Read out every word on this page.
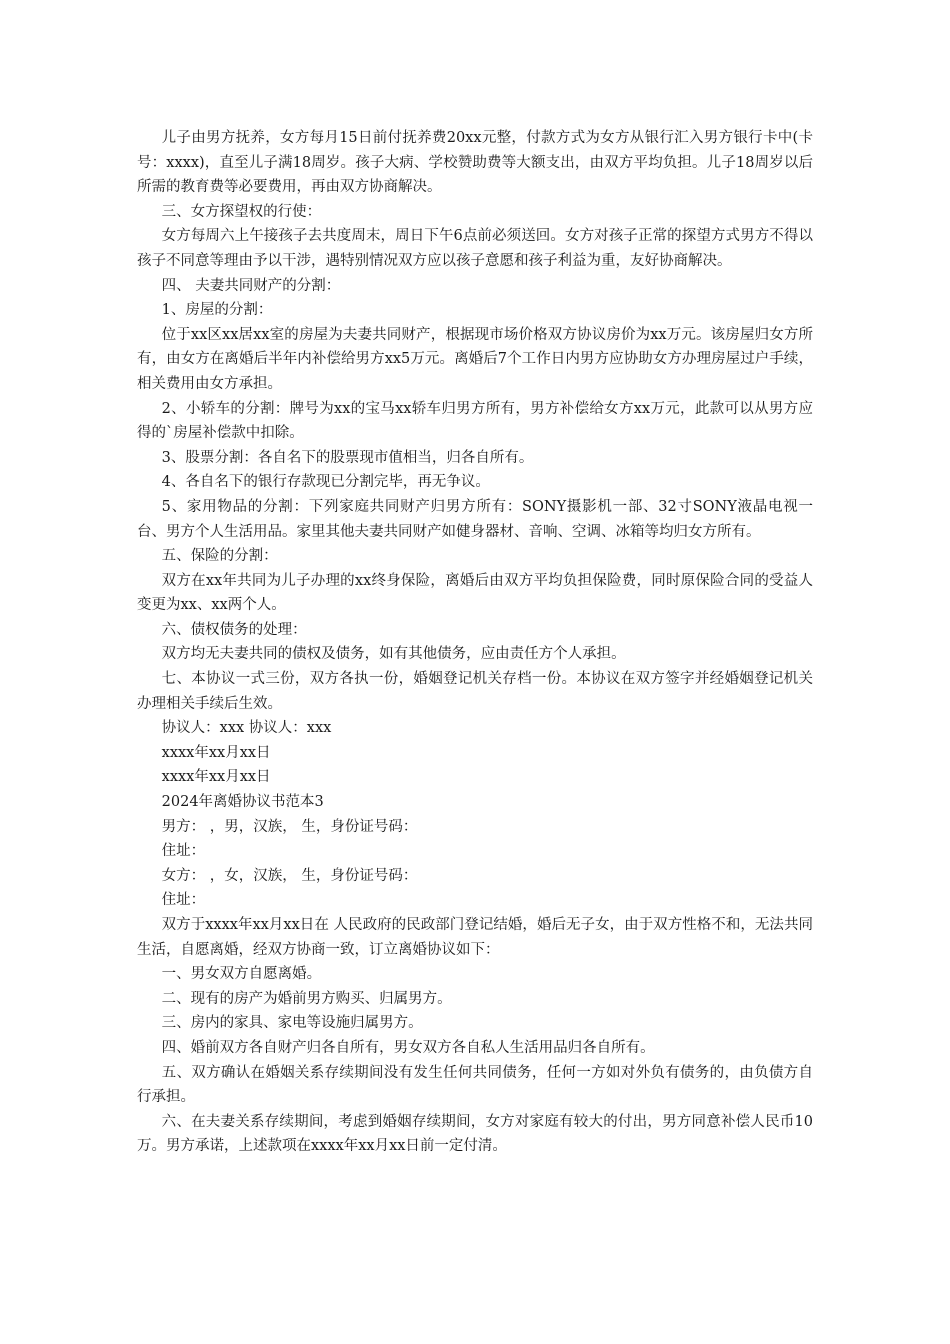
儿子由男方抚养，女方每月15日前付抚养费20xx元整，付款方式为女方从银行汇入男方银行卡中(卡号：xxxx)，直至儿子满18周岁。孩子大病、学校赞助费等大额支出，由双方平均负担。儿子18周岁以后所需的教育费等必要费用，再由双方协商解决。

三、女方探望权的行使：

女方每周六上午接孩子去共度周末，周日下午6点前必须送回。女方对孩子正常的探望方式男方不得以孩子不同意等理由予以干涉，遇特别情况双方应以孩子意愿和孩子利益为重，友好协商解决。

四、 夫妻共同财产的分割：

1、房屋的分割：

位于xx区xx居xx室的房屋为夫妻共同财产，根据现市场价格双方协议房价为xx万元。该房屋归女方所有，由女方在离婚后半年内补偿给男方xx5万元。离婚后7个工作日内男方应协助女方办理房屋过户手续，相关费用由女方承担。

2、小轿车的分割：牌号为xx的宝马xx轿车归男方所有，男方补偿给女方xx万元，此款可以从男方应得的`房屋补偿款中扣除。

3、股票分割：各自名下的股票现市值相当，归各自所有。

4、各自名下的银行存款现已分割完毕，再无争议。

5、家用物品的分割：下列家庭共同财产归男方所有：SONY摄影机一部、32寸SONY液晶电视一台、男方个人生活用品。家里其他夫妻共同财产如健身器材、音响、空调、冰箱等均归女方所有。

五、保险的分割：

双方在xx年共同为儿子办理的xx终身保险，离婚后由双方平均负担保险费，同时原保险合同的受益人变更为xx、xx两个人。

六、债权债务的处理：

双方均无夫妻共同的债权及债务，如有其他债务，应由责任方个人承担。

七、本协议一式三份，双方各执一份，婚姻登记机关存档一份。本协议在双方签字并经婚姻登记机关办理相关手续后生效。

协议人：xxx 协议人：xxx

xxxx年xx月xx日

xxxx年xx月xx日

2024年离婚协议书范本3

男方： ，男，汉族， 生，身份证号码：

住址：

女方： ，女，汉族， 生，身份证号码：

住址：

双方于xxxx年xx月xx日在 人民政府的民政部门登记结婚，婚后无子女，由于双方性格不和，无法共同生活，自愿离婚，经双方协商一致，订立离婚协议如下：

一、男女双方自愿离婚。

二、现有的房产为婚前男方购买、归属男方。

三、房内的家具、家电等设施归属男方。

四、婚前双方各自财产归各自所有，男女双方各自私人生活用品归各自所有。

五、双方确认在婚姻关系存续期间没有发生任何共同债务，任何一方如对外负有债务的，由负债方自行承担。

六、在夫妻关系存续期间，考虑到婚姻存续期间，女方对家庭有较大的付出，男方同意补偿人民币10万。男方承诺，上述款项在xxxx年xx月xx日前一定付清。
